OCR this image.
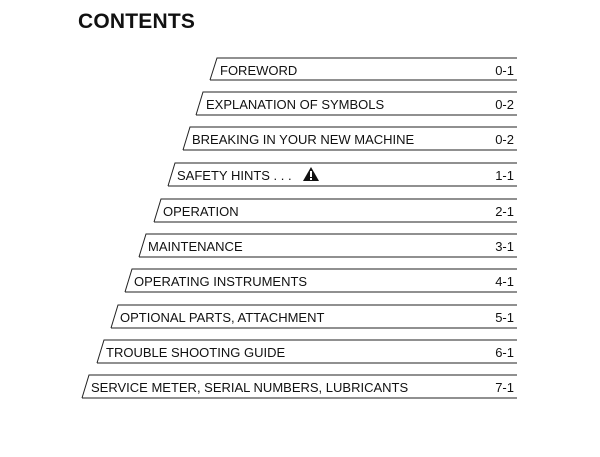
CONTENTS
FOREWORD	0-1
EXPLANATION OF SYMBOLS	0-2
BREAKING IN YOUR NEW MACHINE	0-2
SAFETY HINTS . . .	1-1
OPERATION	2-1
MAINTENANCE	3-1
OPERATING INSTRUMENTS	4-1
OPTIONAL PARTS, ATTACHMENT	5-1
TROUBLE SHOOTING GUIDE	6-1
SERVICE METER, SERIAL NUMBERS, LUBRICANTS	7-1
